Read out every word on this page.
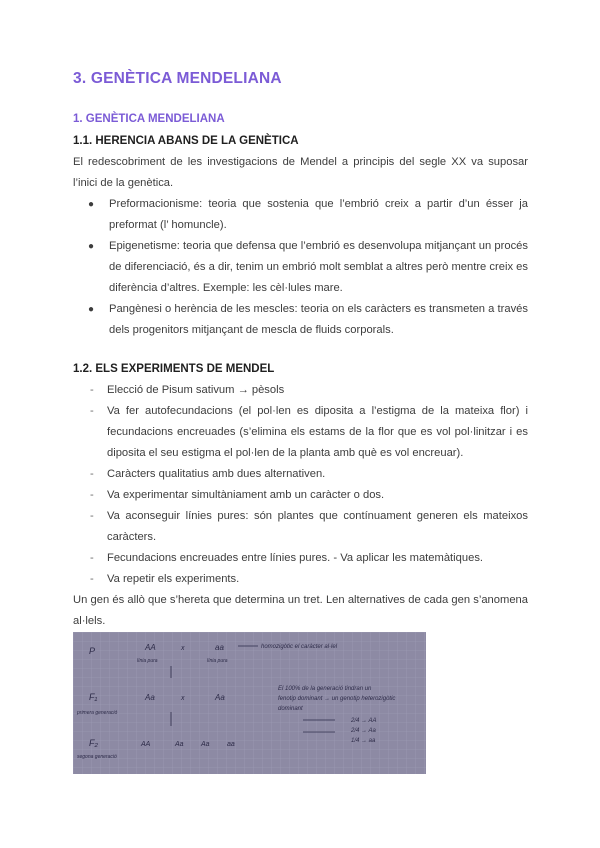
3. GENÈTICA MENDELIANA
1. GENÈTICA MENDELIANA
1.1. HERENCIA ABANS DE LA GENÈTICA
El redescobriment de les investigacions de Mendel a principis del segle XX va suposar l’inici de la genètica.
● Preformacionisme: teoria que sostenia que l’embrió creix a partir d’un ésser ja preformat (l’ homuncle).
● Epigenetisme: teoria que defensa que l’embrió es desenvolupa mitjançant un procés de diferenciació, és a dir, tenim un embrió molt semblat a altres però mentre creix es diferència d’altres. Exemple: les cèl·lules mare.
● Pangènesi o herència de les mescles: teoria on els caràcters es transmeten a través dels progenitors mitjançant de mescla de fluids corporals.
1.2. ELS EXPERIMENTS DE MENDEL
- Elecció de Pisum sativum → pèsols
- Va fer autofecundacions (el pol·len es diposita a l’estigma de la mateixa flor) i fecundacions encreuades (s’elimina els estams de la flor que es vol pol·linitzar i es diposita el seu estigma el pol·len de la planta amb què es vol encreuar).
- Caràcters qualitatius amb dues alternativen.
- Va experimentar simultàniament amb un caràcter o dos.
- Va aconseguir línies pures: són plantes que contínuament generen els mateixos caràcters.
- Fecundacions encreuades entre línies pures. - Va aplicar les matemàtiques.
- Va repetir els experiments.
Un gen és allò que s’hereta que determina un tret. Len alternatives de cada gen s’anomena al·lels.
P	AA	x	aa
línia pura	línia pura
homozigòtic el caràcter al·lel
F₁
primera generació
Aa	x	Aa
El 100% de la generació tindran un
fenotip dominant → un genotip heterozigòtic
dominant
F₂
segona generació
AA	Aa Aa aa
2/4 → AA
2/4 → Aa
1/4 → aa
